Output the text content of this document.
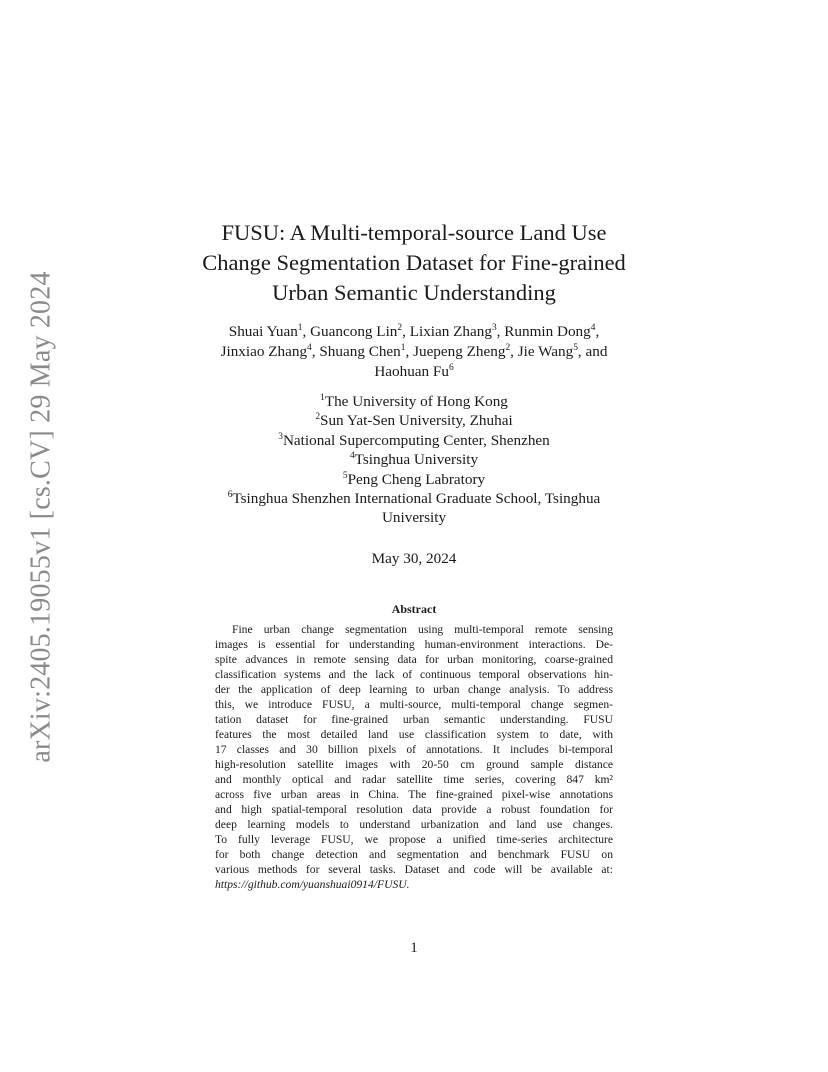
arXiv:2405.19055v1 [cs.CV] 29 May 2024
FUSU: A Multi-temporal-source Land Use
Change Segmentation Dataset for Fine-grained
Urban Semantic Understanding
Shuai Yuan$^1$, Guancong Lin$^2$, Lixian Zhang$^3$, Runmin Dong$^4$,
Jinxiao Zhang$^4$, Shuang Chen$^1$, Juepeng Zheng$^2$, Jie Wang$^5$, and
Haohuan Fu$^6$
$^1$The University of Hong Kong
$^2$Sun Yat-Sen University, Zhuhai
$^3$National Supercomputing Center, Shenzhen
$^4$Tsinghua University
$^5$Peng Cheng Labratory
$^6$Tsinghua Shenzhen International Graduate School, Tsinghua
University
May 30, 2024
Abstract
Fine urban change segmentation using multi-temporal remote sensing
images is essential for understanding human-environment interactions. De-
spite advances in remote sensing data for urban monitoring, coarse-grained
classification systems and the lack of continuous temporal observations hin-
der the application of deep learning to urban change analysis. To address
this, we introduce FUSU, a multi-source, multi-temporal change segmen-
tation dataset for fine-grained urban semantic understanding. FUSU
features the most detailed land use classification system to date, with
17 classes and 30 billion pixels of annotations. It includes bi-temporal
high-resolution satellite images with 20-50 cm ground sample distance
and monthly optical and radar satellite time series, covering 847 km²
across five urban areas in China. The fine-grained pixel-wise annotations
and high spatial-temporal resolution data provide a robust foundation for
deep learning models to understand urbanization and land use changes.
To fully leverage FUSU, we propose a unified time-series architecture
for both change detection and segmentation and benchmark FUSU on
various methods for several tasks. Dataset and code will be available at:
https://github.com/yuanshuai0914/FUSU.
1
